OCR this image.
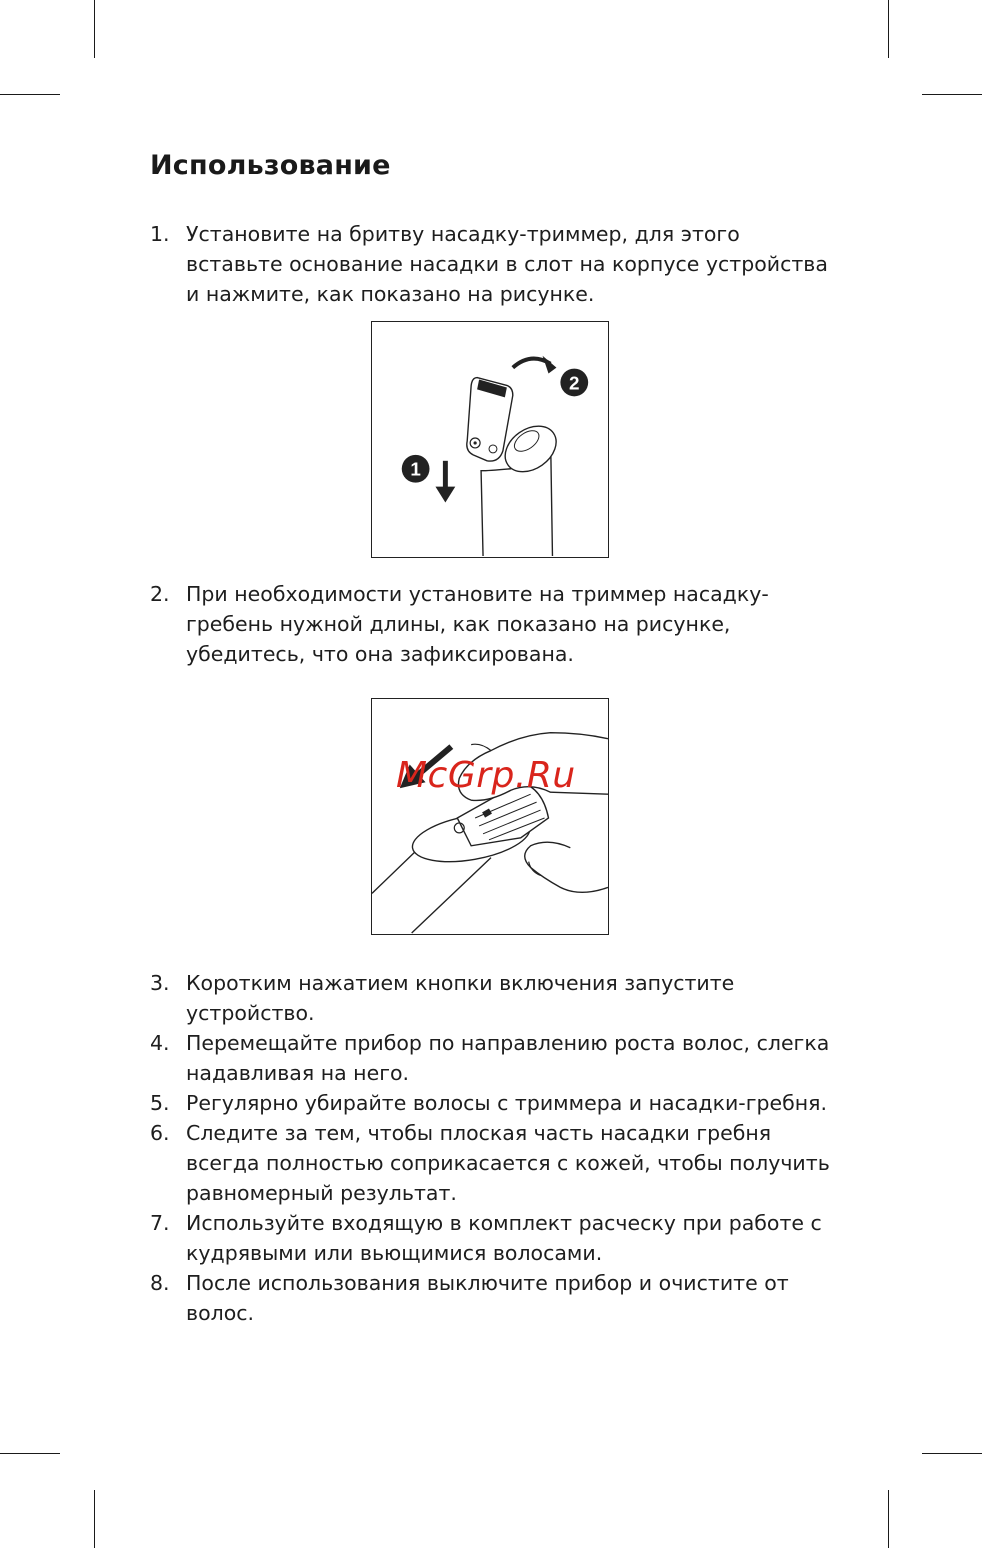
Использование
1. Установите на бритву насадку-триммер, для этого вставьте основание насадки в слот на корпусе устройства и нажмите, как показано на рисунке.
2
1
2. При необходимости установите на триммер насадку-гребень нужной длины, как показано на рисунке, убедитесь, что она зафиксирована.
McGrp.Ru
3. Коротким нажатием кнопки включения запустите устройство.
4. Перемещайте прибор по направлению роста волос, слегка надавливая на него.
5. Регулярно убирайте волосы с триммера и насадки-гребня.
6. Следите за тем, чтобы плоская часть насадки гребня всегда полностью соприкасается с кожей, чтобы получить равномерный результат.
7. Используйте входящую в комплект расческу при работе с кудрявыми или вьющимися волосами.
8. После использования выключите прибор и очистите от волос.
